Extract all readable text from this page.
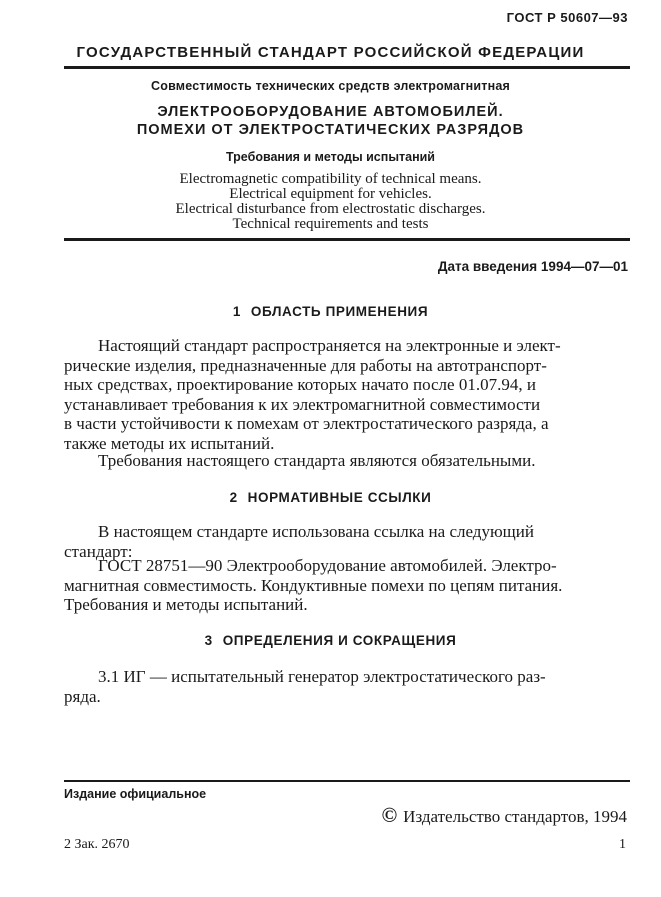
ГОСТ Р 50607—93
ГОСУДАРСТВЕННЫЙ СТАНДАРТ РОССИЙСКОЙ ФЕДЕРАЦИИ
Совместимость технических средств электромагнитная
ЭЛЕКТРООБОРУДОВАНИЕ АВТОМОБИЛЕЙ.
ПОМЕХИ ОТ ЭЛЕКТРОСТАТИЧЕСКИХ РАЗРЯДОВ
Требования и методы испытаний
Electromagnetic compatibility of technical means.
Electrical equipment for vehicles.
Electrical disturbance from electrostatic discharges.
Technical requirements and tests
Дата введения 1994—07—01
1 ОБЛАСТЬ ПРИМЕНЕНИЯ
Настоящий стандарт распространяется на электронные и элект-
рические изделия, предназначенные для работы на автотранспорт-
ных средствах, проектирование которых начато после 01.07.94, и
устанавливает требования к их электромагнитной совместимости
в части устойчивости к помехам от электростатического разряда, а
также методы их испытаний.
Требования настоящего стандарта являются обязательными.
2 НОРМАТИВНЫЕ ССЫЛКИ
В настоящем стандарте использована ссылка на следующий
стандарт:
ГОСТ 28751—90 Электрооборудование автомобилей. Электро-
магнитная совместимость. Кондуктивные помехи по цепям питания.
Требования и методы испытаний.
3 ОПРЕДЕЛЕНИЯ И СОКРАЩЕНИЯ
3.1 ИГ — испытательный генератор электростатического раз-
ряда.
Издание официальное
© Издательство стандартов, 1994
2 Зак. 2670	1
